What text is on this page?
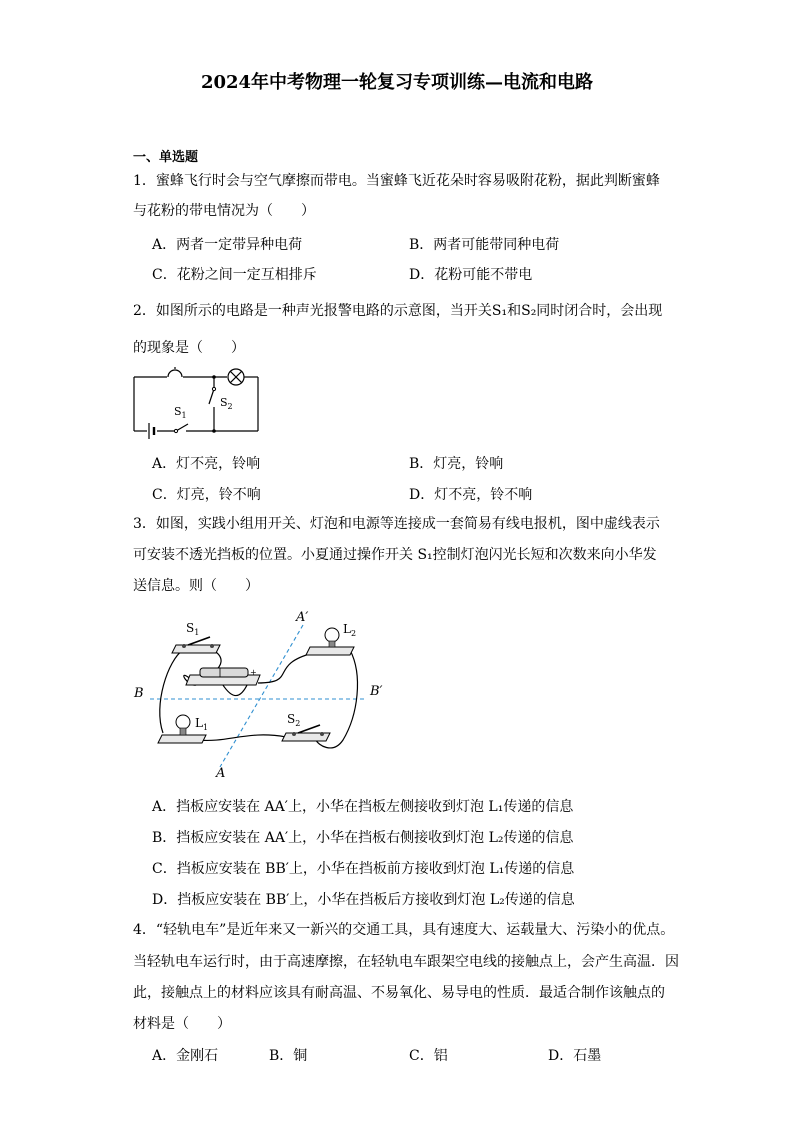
2024年中考物理一轮复习专项训练—电流和电路
一、单选题
1．蜜蜂飞行时会与空气摩擦而带电。当蜜蜂飞近花朵时容易吸附花粉，据此判断蜜蜂
与花粉的带电情况为（　　）
A．两者一定带异种电荷	B．两者可能带同种电荷
C．花粉之间一定互相排斥	D．花粉可能不带电
2．如图所示的电路是一种声光报警电路的示意图，当开关S₁和S₂同时闭合时，会出现
的现象是（　　）
$S_1$
$S_2$
A．灯不亮，铃响	B．灯亮，铃响
C．灯亮，铃不响	D．灯不亮，铃不响
3．如图，实践小组用开关、灯泡和电源等连接成一套简易有线电报机，图中虚线表示
可安装不透光挡板的位置。小夏通过操作开关 S₁控制灯泡闪光长短和次数来向小华发
送信息。则（　　）
$S_1$	$L_2$
$L_1$
$S_2$
A′
A
B	B′
+
A．挡板应安装在 AA′上，小华在挡板左侧接收到灯泡 L₁传递的信息
B．挡板应安装在 AA′上，小华在挡板右侧接收到灯泡 L₂传递的信息
C．挡板应安装在 BB′上，小华在挡板前方接收到灯泡 L₁传递的信息
D．挡板应安装在 BB′上，小华在挡板后方接收到灯泡 L₂传递的信息
4．“轻轨电车”是近年来又一新兴的交通工具，具有速度大、运载量大、污染小的优点。
当轻轨电车运行时，由于高速摩擦，在轻轨电车跟架空电线的接触点上，会产生高温．因
此，接触点上的材料应该具有耐高温、不易氧化、易导电的性质．最适合制作该触点的
材料是（　　）
A．金刚石	B．铜	C．铝	D．石墨
